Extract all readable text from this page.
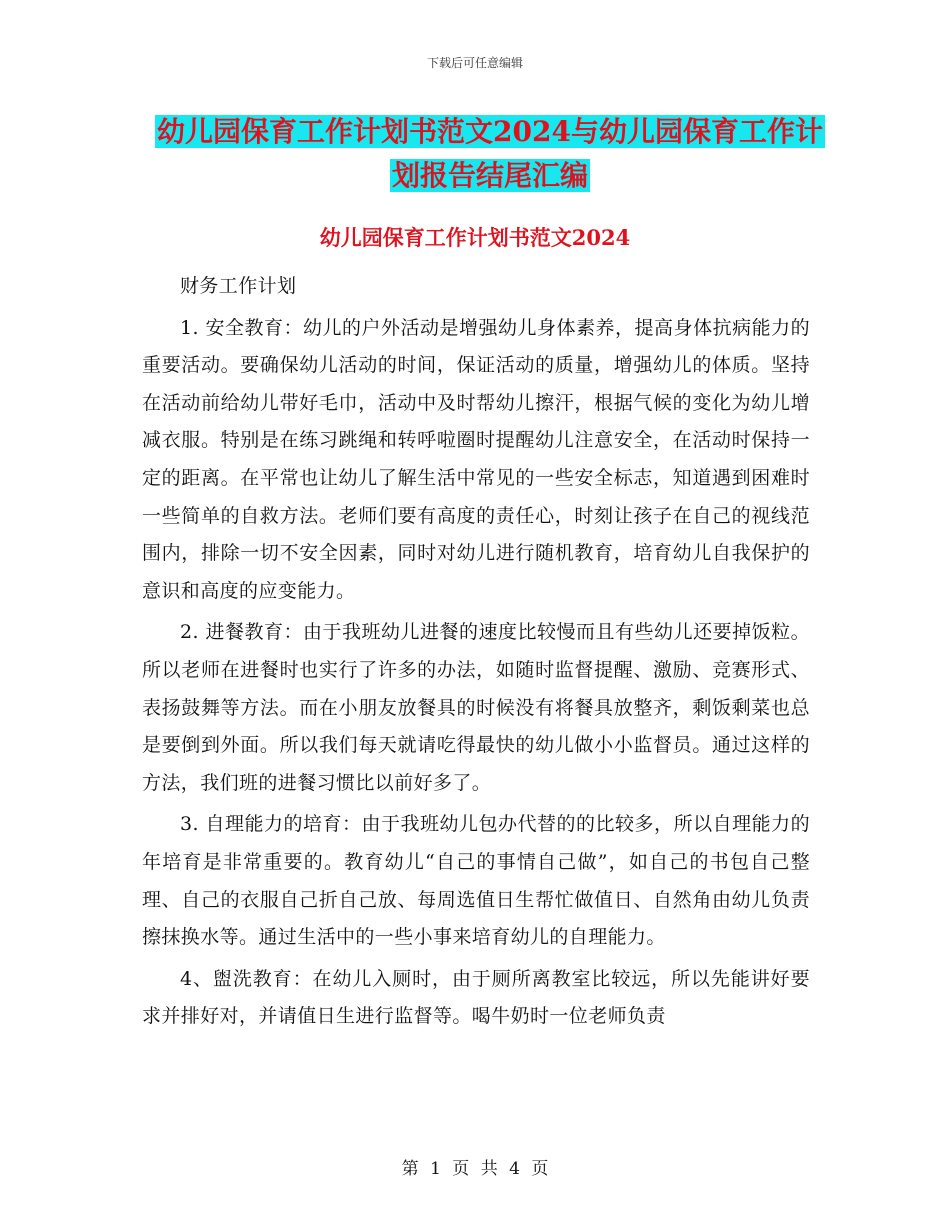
下载后可任意编辑
幼儿园保育工作计划书范文2024与幼儿园保育工作计划报告结尾汇编
幼儿园保育工作计划书范文2024

财务工作计划

1. 安全教育：幼儿的户外活动是增强幼儿身体素养，提高身体抗病能力的重要活动。要确保幼儿活动的时间，保证活动的质量，增强幼儿的体质。坚持在活动前给幼儿带好毛巾，活动中及时帮幼儿擦汗，根据气候的变化为幼儿增减衣服。特别是在练习跳绳和转呼啦圈时提醒幼儿注意安全，在活动时保持一定的距离。在平常也让幼儿了解生活中常见的一些安全标志，知道遇到困难时一些简单的自救方法。老师们要有高度的责任心，时刻让孩子在自己的视线范围内，排除一切不安全因素，同时对幼儿进行随机教育，培育幼儿自我保护的意识和高度的应变能力。

2. 进餐教育：由于我班幼儿进餐的速度比较慢而且有些幼儿还要掉饭粒。所以老师在进餐时也实行了许多的办法，如随时监督提醒、激励、竞赛形式、表扬鼓舞等方法。而在小朋友放餐具的时候没有将餐具放整齐，剩饭剩菜也总是要倒到外面。所以我们每天就请吃得最快的幼儿做小小监督员。通过这样的方法，我们班的进餐习惯比以前好多了。

3. 自理能力的培育：由于我班幼儿包办代替的的比较多，所以自理能力的年培育是非常重要的。教育幼儿“自己的事情自己做”，如自己的书包自己整理、自己的衣服自己折自己放、每周选值日生帮忙做值日、自然角由幼儿负责擦抹换水等。通过生活中的一些小事来培育幼儿的自理能力。

4、盥洗教育：在幼儿入厕时，由于厕所离教室比较远，所以先能讲好要求并排好对，并请值日生进行监督等。喝牛奶时一位老师负责

第 1 页 共 4 页
